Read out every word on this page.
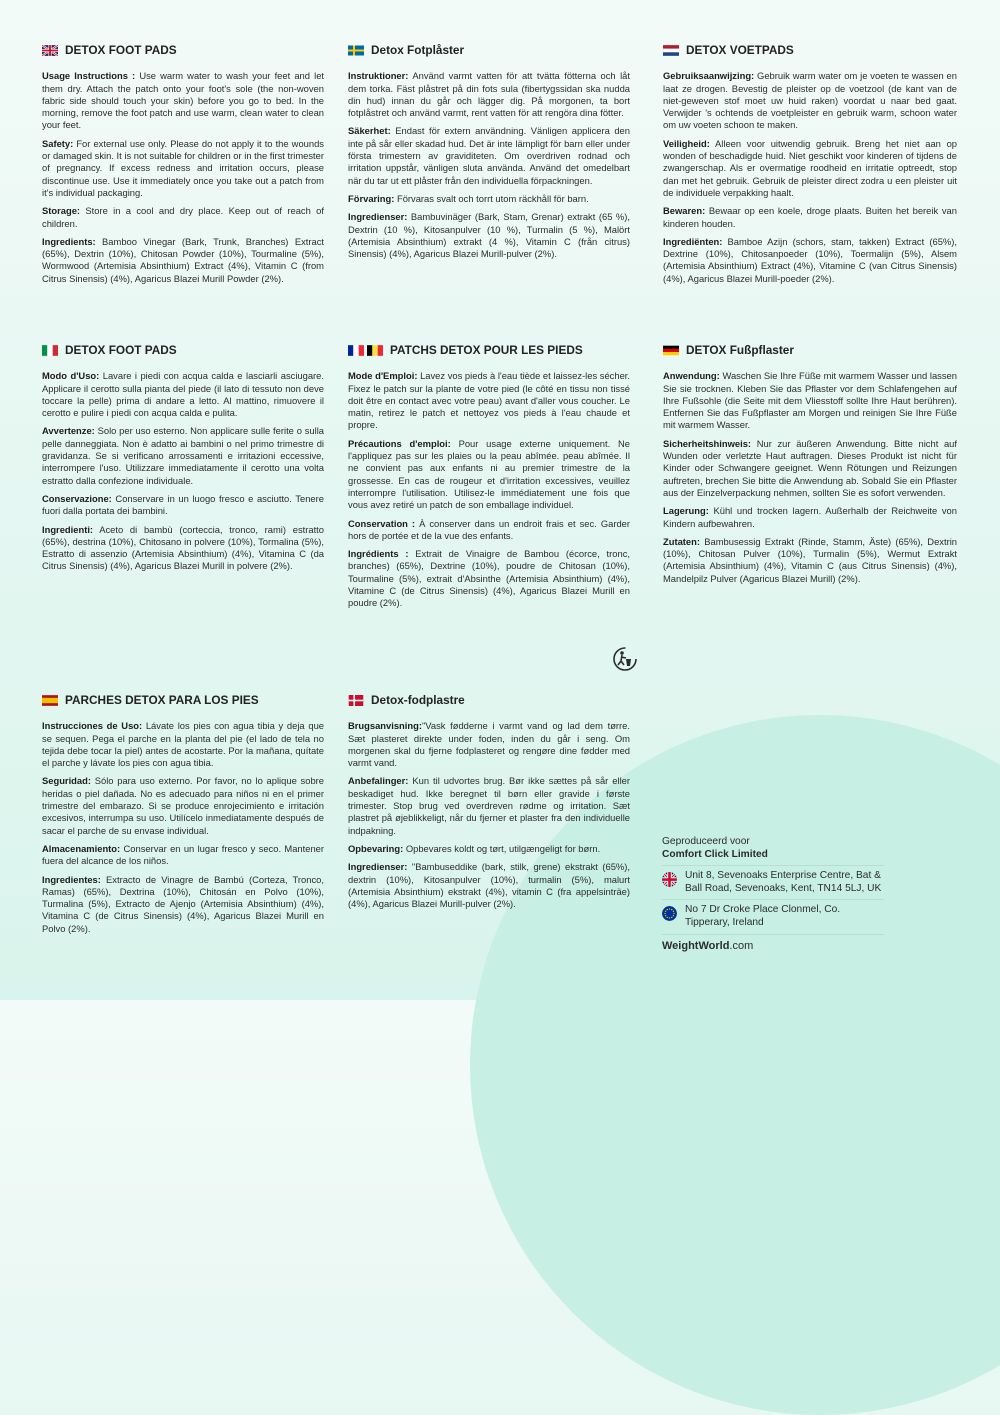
DETOX FOOT PADS

Usage Instructions : Use warm water to wash your feet and let them dry. Attach the patch onto your foot's sole (the non-woven fabric side should touch your skin) before you go to bed. In the morning, remove the foot patch and use warm, clean water to clean your feet.

Safety: For external use only. Please do not apply it to the wounds or damaged skin. It is not suitable for children or in the first trimester of pregnancy. If excess redness and irritation occurs, please discontinue use. Use it immediately once you take out a patch from it's individual packaging.

Storage: Store in a cool and dry place. Keep out of reach of children.

Ingredients: Bamboo Vinegar (Bark, Trunk, Branches) Extract (65%), Dextrin (10%), Chitosan Powder (10%), Tourmaline (5%), Wormwood (Artemisia Absinthium) Extract (4%), Vitamin C (from Citrus Sinensis) (4%), Agaricus Blazei Murill Powder (2%).

Detox Fotplåster

Instruktioner: Använd varmt vatten för att tvätta fötterna och låt dem torka. Fäst plåstret på din fots sula (fibertygssidan ska nudda din hud) innan du går och lägger dig. På morgonen, ta bort fotplåstret och använd varmt, rent vatten för att rengöra dina fötter.

Säkerhet: Endast för extern användning. Vänligen applicera den inte på sår eller skadad hud. Det är inte lämpligt för barn eller under första trimestern av graviditeten. Om overdriven rodnad och irritation uppstår, vänligen sluta använda. Använd det omedelbart när du tar ut ett plåster från den individuella förpackningen.

Förvaring: Förvaras svalt och torrt utom räckhåll för barn.

Ingredienser: Bambuvinäger (Bark, Stam, Grenar) extrakt (65 %), Dextrin (10 %), Kitosanpulver (10 %), Turmalin (5 %), Malört (Artemisia Absinthium) extrakt (4 %), Vitamin C (från citrus) Sinensis) (4%), Agaricus Blazei Murill-pulver (2%).

DETOX VOETPADS

Gebruiksaanwijzing: Gebruik warm water om je voeten te wassen en laat ze drogen. Bevestig de pleister op de voetzool (de kant van de niet-geweven stof moet uw huid raken) voordat u naar bed gaat. Verwijder 's ochtends de voetpleister en gebruik warm, schoon water om uw voeten schoon te maken.

Veiligheid: Alleen voor uitwendig gebruik. Breng het niet aan op wonden of beschadigde huid. Niet geschikt voor kinderen of tijdens de zwangerschap. Als er overmatige roodheid en irritatie optreedt, stop dan met het gebruik. Gebruik de pleister direct zodra u een pleister uit de individuele verpakking haalt.

Bewaren: Bewaar op een koele, droge plaats. Buiten het bereik van kinderen houden.

Ingrediënten: Bamboe Azijn (schors, stam, takken) Extract (65%), Dextrine (10%), Chitosanpoeder (10%), Toermalijn (5%), Alsem (Artemisia Absinthium) Extract (4%), Vitamine C (van Citrus Sinensis) (4%), Agaricus Blazei Murill-poeder (2%).

DETOX FOOT PADS

Modo d'Uso: Lavare i piedi con acqua calda e lasciarli asciugare. Applicare il cerotto sulla pianta del piede (il lato di tessuto non deve toccare la pelle) prima di andare a letto. Al mattino, rimuovere il cerotto e pulire i piedi con acqua calda e pulita.

Avvertenze: Solo per uso esterno. Non applicare sulle ferite o sulla pelle danneggiata. Non è adatto ai bambini o nel primo trimestre di gravidanza. Se si verificano arrossamenti e irritazioni eccessive, interrompere l'uso. Utilizzare immediatamente il cerotto una volta estratto dalla confezione individuale.

Conservazione: Conservare in un luogo fresco e asciutto. Tenere fuori dalla portata dei bambini.

Ingredienti: Aceto di bambù (corteccia, tronco, rami) estratto (65%), destrina (10%), Chitosano in polvere (10%), Tormalina (5%), Estratto di assenzio (Artemisia Absinthium) (4%), Vitamina C (da Citrus Sinensis) (4%), Agaricus Blazei Murill in polvere (2%).

PATCHS DETOX POUR LES PIEDS

Mode d'Emploi: Lavez vos pieds à l'eau tiède et laissez-les sécher. Fixez le patch sur la plante de votre pied (le côté en tissu non tissé doit être en contact avec votre peau) avant d'aller vous coucher. Le matin, retirez le patch et nettoyez vos pieds à l'eau chaude et propre.

Précautions d'emploi: Pour usage externe uniquement. Ne l'appliquez pas sur les plaies ou la peau abîmée. peau abîmée. Il ne convient pas aux enfants ni au premier trimestre de la grossesse. En cas de rougeur et d'irritation excessives, veuillez interrompre l'utilisation. Utilisez-le immédiatement une fois que vous avez retiré un patch de son emballage individuel.

Conservation : À conserver dans un endroit frais et sec. Garder hors de portée et de la vue des enfants.

Ingrédients : Extrait de Vinaigre de Bambou (écorce, tronc, branches) (65%), Dextrine (10%), poudre de Chitosan (10%), Tourmaline (5%), extrait d'Absinthe (Artemisia Absinthium) (4%), Vitamine C (de Citrus Sinensis) (4%), Agaricus Blazei Murill en poudre (2%).

DETOX Fußpflaster

Anwendung: Waschen Sie Ihre Füße mit warmem Wasser und lassen Sie sie trocknen. Kleben Sie das Pflaster vor dem Schlafengehen auf Ihre Fußsohle (die Seite mit dem Vliesstoff sollte Ihre Haut berühren). Entfernen Sie das Fußpflaster am Morgen und reinigen Sie Ihre Füße mit warmem Wasser.

Sicherheitshinweis: Nur zur äußeren Anwendung. Bitte nicht auf Wunden oder verletzte Haut auftragen. Dieses Produkt ist nicht für Kinder oder Schwangere geeignet. Wenn Rötungen und Reizungen auftreten, brechen Sie bitte die Anwendung ab. Sobald Sie ein Pflaster aus der Einzelverpackung nehmen, sollten Sie es sofort verwenden.

Lagerung: Kühl und trocken lagern. Außerhalb der Reichweite von Kindern aufbewahren.

Zutaten: Bambusessig Extrakt (Rinde, Stamm, Äste) (65%), Dextrin (10%), Chitosan Pulver (10%), Turmalin (5%), Wermut Extrakt (Artemisia Absinthium) (4%), Vitamin C (aus Citrus Sinensis) (4%), Mandelpilz Pulver (Agaricus Blazei Murill) (2%).

PARCHES DETOX PARA LOS PIES

Instrucciones de Uso: Lávate los pies con agua tibia y deja que se sequen. Pega el parche en la planta del pie (el lado de tela no tejida debe tocar la piel) antes de acostarte. Por la mañana, quítate el parche y lávate los pies con agua tibia.

Seguridad: Sólo para uso externo. Por favor, no lo aplique sobre heridas o piel dañada. No es adecuado para niños ni en el primer trimestre del embarazo. Si se produce enrojecimiento e irritación excesivos, interrumpa su uso. Utilícelo inmediatamente después de sacar el parche de su envase individual.

Almacenamiento: Conservar en un lugar fresco y seco. Mantener fuera del alcance de los niños.

Ingredientes: Extracto de Vinagre de Bambú (Corteza, Tronco, Ramas) (65%), Dextrina (10%), Chitosán en Polvo (10%), Turmalina (5%), Extracto de Ajenjo (Artemisia Absinthium) (4%), Vitamina C (de Citrus Sinensis) (4%), Agaricus Blazei Murill en Polvo (2%).

Detox-fodplastre

Brugsanvisning:"Vask fødderne i varmt vand og lad dem tørre. Sæt plasteret direkte under foden, inden du går i seng. Om morgenen skal du fjerne fodplasteret og rengøre dine fødder med varmt vand.

Anbefalinger: Kun til udvortes brug. Bør ikke sættes på sår eller beskadiget hud. Ikke beregnet til børn eller gravide i første trimester. Stop brug ved overdreven rødme og irritation. Sæt plastret på øjeblikkeligt, når du fjerner et plaster fra den individuelle indpakning.

Opbevaring: Opbevares koldt og tørt, utilgængeligt for børn.

Ingredienser: "Bambuseddike (bark, stilk, grene) ekstrakt (65%), dextrin (10%), Kitosanpulver (10%), turmalin (5%), malurt (Artemisia Absinthium) ekstrakt (4%), vitamin C (fra appelsinträe) (4%), Agaricus Blazei Murill-pulver (2%).

Geproduceerd voor
Comfort Click Limited
Unit 8, Sevenoaks Enterprise Centre, Bat & Ball Road, Sevenoaks, Kent, TN14 5LJ, UK
No 7 Dr Croke Place Clonmel, Co. Tipperary, Ireland
WeightWorld.com
